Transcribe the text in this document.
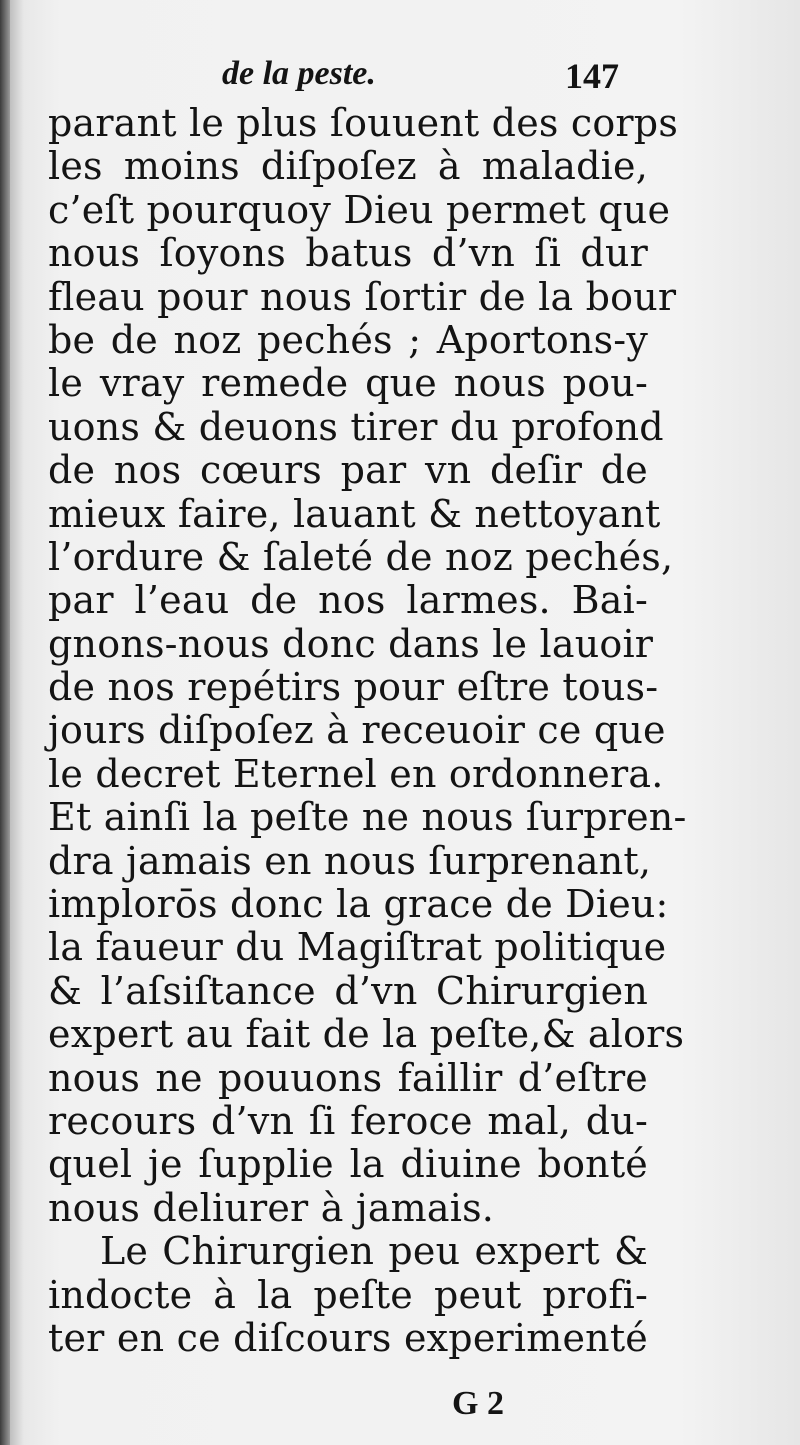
de la peste.	147
parant le plus ſouuent des corps
les moins diſpoſez à maladie,
c’eſt pourquoy Dieu permet que
nous ſoyons batus d’vn ſi dur
fleau pour nous ſortir de la bour
be de noz pechés ; Aportons-y
le vray remede que nous pou-
uons & deuons tirer du profond
de nos cœurs par vn deſir de
mieux faire, lauant & nettoyant
l’ordure & ſaleté de noz pechés,
par l’eau de nos larmes. Bai-
gnons-nous donc dans le lauoir
de nos repétirs pour eſtre tous-
jours diſpoſez à receuoir ce que
le decret Eternel en ordonnera.
Et ainſi la peſte ne nous ſurpren-
dra jamais en nous ſurprenant,
implorōs donc la grace de Dieu:
la faueur du Magiſtrat politique
& l’aſsiſtance d’vn Chirurgien
expert au fait de la peſte,& alors
nous ne pouuons faillir d’eſtre
recours d’vn ſi feroce mal, du-
quel je ſupplie la diuine bonté
nous deliurer à jamais.
Le Chirurgien peu expert &
indocte à la peſte peut profi-
ter en ce diſcours experimenté
G 2
